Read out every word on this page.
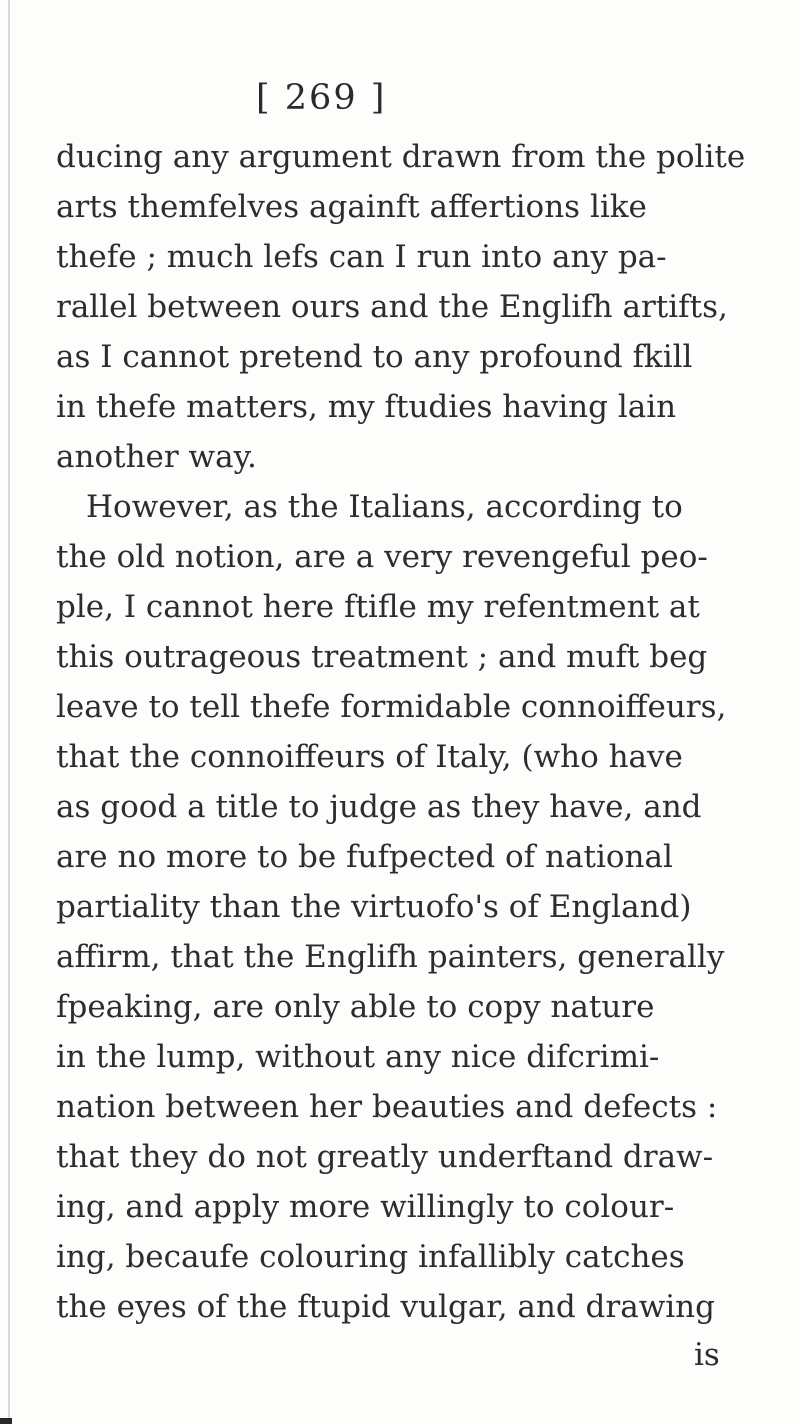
[ 269 ]
ducing any argument drawn from the polite
arts themfelves againft affertions like
thefe ; much lefs can I run into any pa-
rallel between ours and the Englifh artifts,
as I cannot pretend to any profound fkill
in thefe matters, my ftudies having lain
another way.
However, as the Italians, according to
the old notion, are a very revengeful peo-
ple, I cannot here ftifle my refentment at
this outrageous treatment ; and muft beg
leave to tell thefe formidable connoiffeurs,
that the connoiffeurs of Italy, (who have
as good a title to judge as they have, and
are no more to be fufpected of national
partiality than the virtuofo's of England)
affirm, that the Englifh painters, generally
fpeaking, are only able to copy nature
in the lump, without any nice difcrimi-
nation between her beauties and defects :
that they do not greatly underftand draw-
ing, and apply more willingly to colour-
ing, becaufe colouring infallibly catches
the eyes of the ftupid vulgar, and drawing
is
